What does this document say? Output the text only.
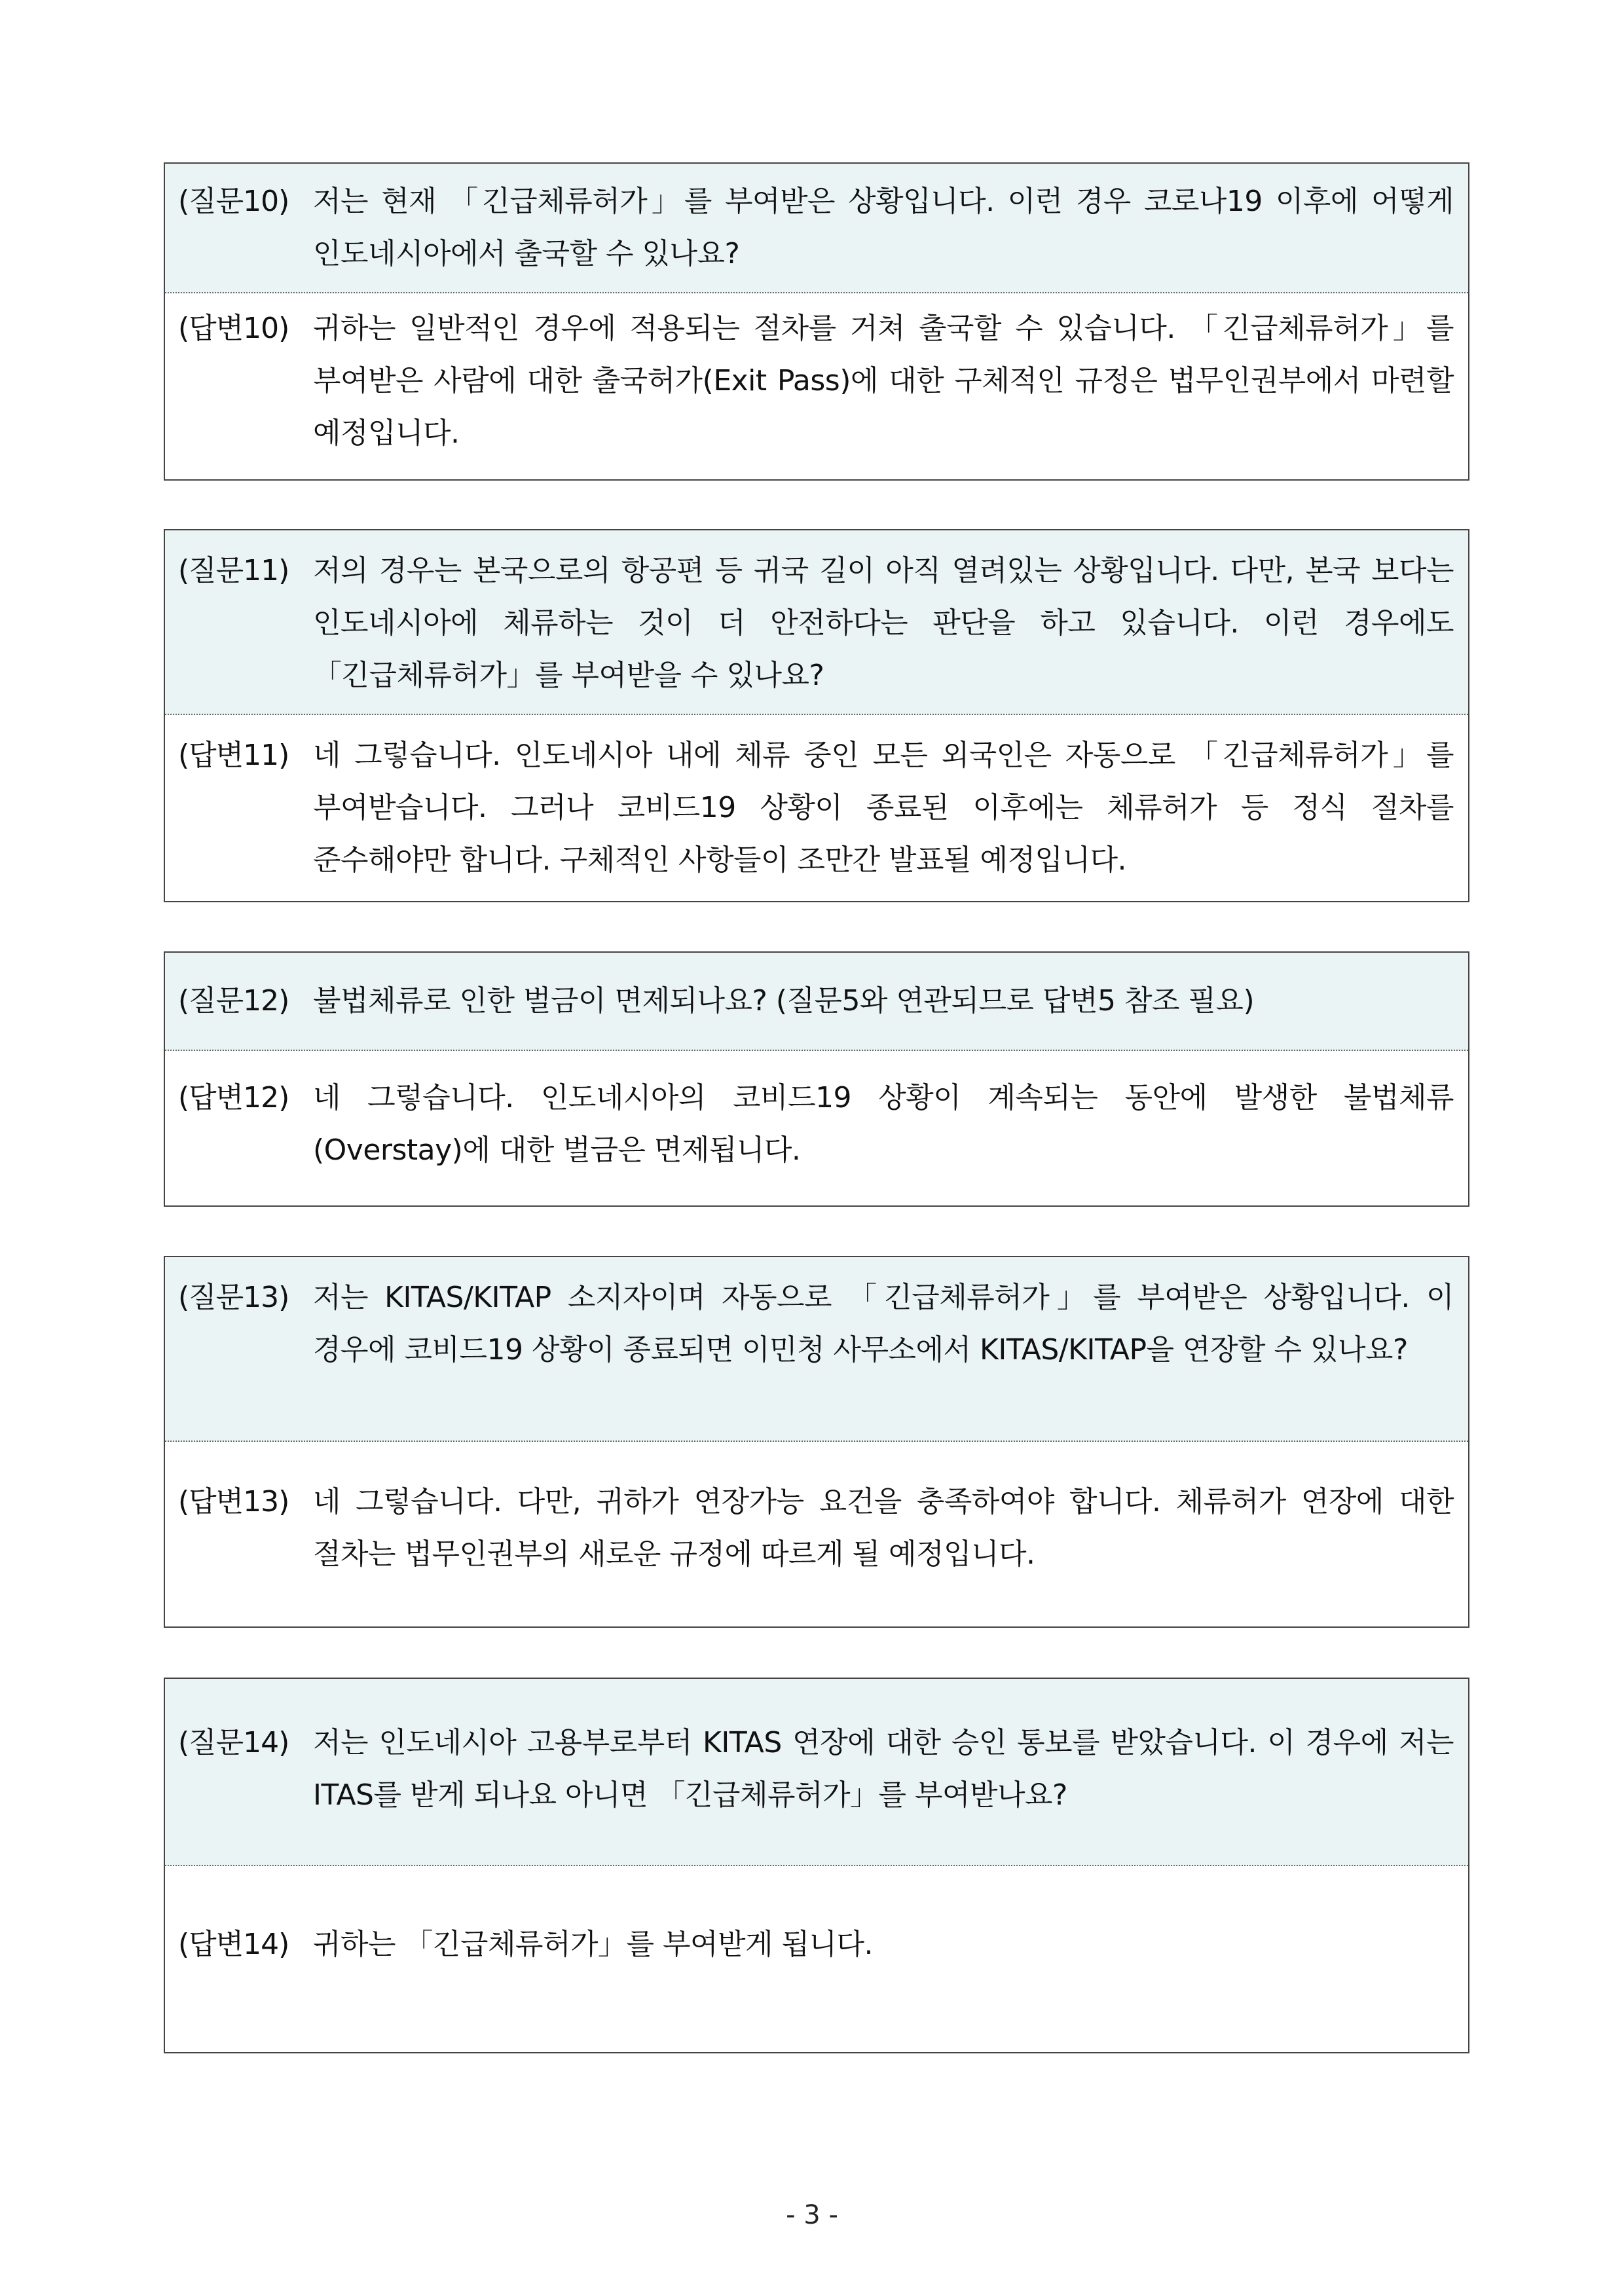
(질문10) 저는 현재 「긴급체류허가」를 부여받은 상황입니다. 이런 경우 코로나19 이후에 어떻게 인도네시아에서 출국할 수 있나요?
(답변10) 귀하는 일반적인 경우에 적용되는 절차를 거쳐 출국할 수 있습니다. 「긴급체류허가」를 부여받은 사람에 대한 출국허가(Exit Pass)에 대한 구체적인 규정은 법무인권부에서 마련할 예정입니다.
(질문11) 저의 경우는 본국으로의 항공편 등 귀국 길이 아직 열려있는 상황입니다. 다만, 본국 보다는 인도네시아에 체류하는 것이 더 안전하다는 판단을 하고 있습니다. 이런 경우에도 「긴급체류허가」를 부여받을 수 있나요?
(답변11) 네 그렇습니다. 인도네시아 내에 체류 중인 모든 외국인은 자동으로 「긴급체류허가」를 부여받습니다. 그러나 코비드19 상황이 종료된 이후에는 체류허가 등 정식 절차를 준수해야만 합니다. 구체적인 사항들이 조만간 발표될 예정입니다.
(질문12) 불법체류로 인한 벌금이 면제되나요? (질문5와 연관되므로 답변5 참조 필요)
(답변12) 네 그렇습니다. 인도네시아의 코비드19 상황이 계속되는 동안에 발생한 불법체류(Overstay)에 대한 벌금은 면제됩니다.
(질문13) 저는 KITAS/KITAP 소지자이며 자동으로 「긴급체류허가」를 부여받은 상황입니다. 이 경우에 코비드19 상황이 종료되면 이민청 사무소에서 KITAS/KITAP을 연장할 수 있나요?
(답변13) 네 그렇습니다. 다만, 귀하가 연장가능 요건을 충족하여야 합니다. 체류허가 연장에 대한 절차는 법무인권부의 새로운 규정에 따르게 될 예정입니다.
(질문14) 저는 인도네시아 고용부로부터 KITAS 연장에 대한 승인 통보를 받았습니다. 이 경우에 저는 ITAS를 받게 되나요 아니면 「긴급체류허가」를 부여받나요?
(답변14) 귀하는 「긴급체류허가」를 부여받게 됩니다.
- 3 -
